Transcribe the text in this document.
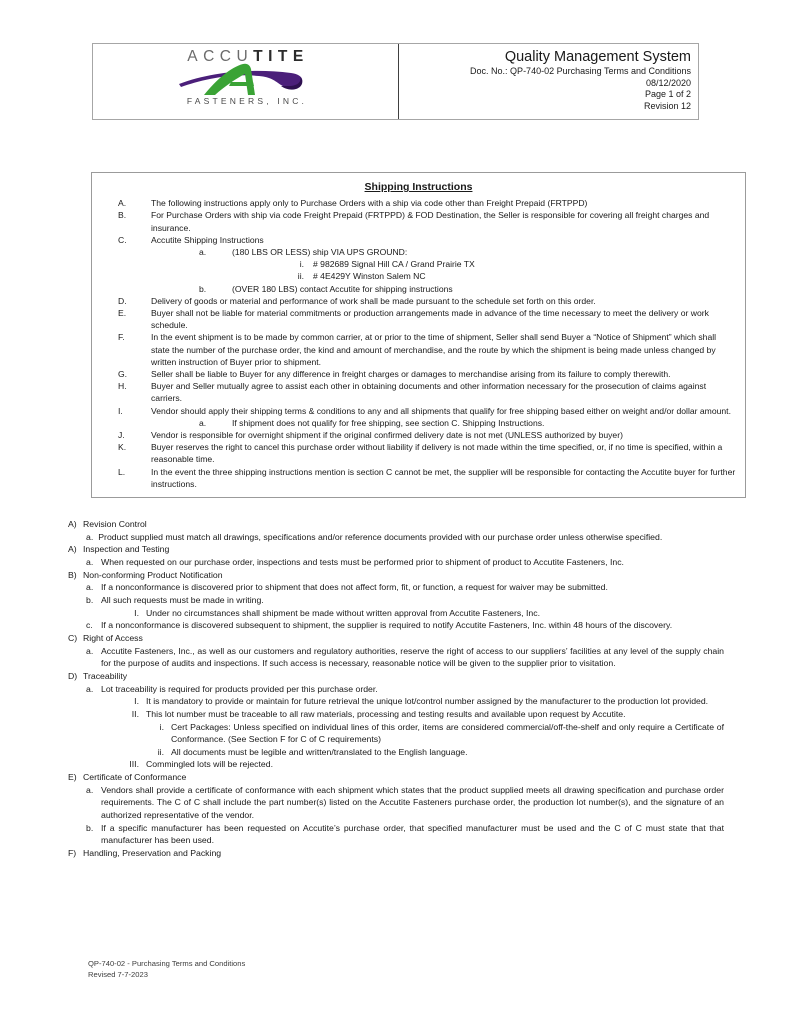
ACCUTITE
FASTENERS, INC.
Quality Management System
Doc. No.: QP-740-02 Purchasing Terms and Conditions
08/12/2020
Page 1 of 2
Revision 12
Shipping Instructions
A.	The following instructions apply only to Purchase Orders with a ship via code other than Freight Prepaid (FRTPPD)
B.	For Purchase Orders with ship via code Freight Prepaid (FRTPPD) & FOD Destination, the Seller is responsible for covering all freight charges and insurance.
C.	Accutite Shipping Instructions
a.	(180 LBS OR LESS) ship VIA UPS GROUND:
i.	# 982689 Signal Hill CA / Grand Prairie TX
ii.	# 4E429Y Winston Salem NC
b.	(OVER 180 LBS) contact Accutite for shipping instructions
D.	Delivery of goods or material and performance of work shall be made pursuant to the schedule set forth on this order.
E.	Buyer shall not be liable for material commitments or production arrangements made in advance of the time necessary to meet the delivery or work schedule.
F.	In the event shipment is to be made by common carrier, at or prior to the time of shipment, Seller shall send Buyer a “Notice of Shipment” which shall state the number of the purchase order, the kind and amount of merchandise, and the route by which the shipment is being made unless changed by written instruction of Buyer prior to shipment.
G.	Seller shall be liable to Buyer for any difference in freight charges or damages to merchandise arising from its failure to comply therewith.
H.	Buyer and Seller mutually agree to assist each other in obtaining documents and other information necessary for the prosecution of claims against carriers.
I.	Vendor should apply their shipping terms & conditions to any and all shipments that qualify for free shipping based either on weight and/or dollar amount.
a.	If shipment does not qualify for free shipping, see section C. Shipping Instructions.
J.	Vendor is responsible for overnight shipment if the original confirmed delivery date is not met (UNLESS authorized by buyer)
K.	Buyer reserves the right to cancel this purchase order without liability if delivery is not made within the time specified, or, if no time is specified, within a reasonable time.
L.	In the event the three shipping instructions mention is section C cannot be met, the supplier will be responsible for contacting the Accutite buyer for further instructions.
A) Revision Control
a. Product supplied must match all drawings, specifications and/or reference documents provided with our purchase order unless otherwise specified.
A) Inspection and Testing
a. When requested on our purchase order, inspections and tests must be performed prior to shipment of product to Accutite Fasteners, Inc.
B) Non-conforming Product Notification
a. If a nonconformance is discovered prior to shipment that does not affect form, fit, or function, a request for waiver may be submitted.
b. All such requests must be made in writing.
I. Under no circumstances shall shipment be made without written approval from Accutite Fasteners, Inc.
c. If a nonconformance is discovered subsequent to shipment, the supplier is required to notify Accutite Fasteners, Inc. within 48 hours of the discovery.
C) Right of Access
a. Accutite Fasteners, Inc., as well as our customers and regulatory authorities, reserve the right of access to our suppliers’ facilities at any level of the supply chain for the purpose of audits and inspections. If such access is necessary, reasonable notice will be given to the supplier prior to visitation.
D) Traceability
a. Lot traceability is required for products provided per this purchase order.
I. It is mandatory to provide or maintain for future retrieval the unique lot/control number assigned by the manufacturer to the production lot provided.
II. This lot number must be traceable to all raw materials, processing and testing results and available upon request by Accutite.
i. Cert Packages: Unless specified on individual lines of this order, items are considered commercial/off-the-shelf and only require a Certificate of Conformance. (See Section F for C of C requirements)
ii. All documents must be legible and written/translated to the English language.
III. Commingled lots will be rejected.
E) Certificate of Conformance
a. Vendors shall provide a certificate of conformance with each shipment which states that the product supplied meets all drawing specification and purchase order requirements. The C of C shall include the part number(s) listed on the Accutite Fasteners purchase order, the production lot number(s), and the signature of an authorized representative of the vendor.
b. If a specific manufacturer has been requested on Accutite’s purchase order, that specified manufacturer must be used and the C of C must state that that manufacturer has been used.
F) Handling, Preservation and Packing
QP-740-02 - Purchasing Terms and Conditions
Revised 7-7-2023
